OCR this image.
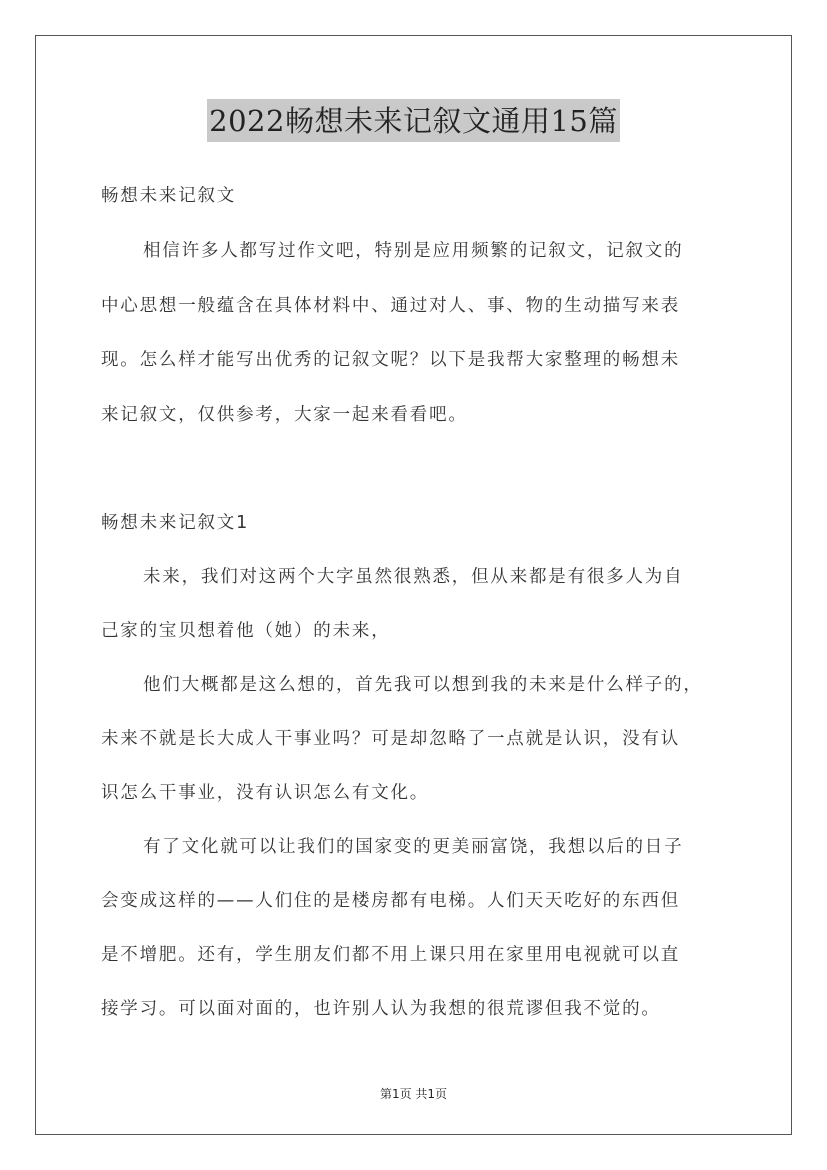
2022畅想未来记叙文通用15篇
畅想未来记叙文
相信许多人都写过作文吧，特别是应用频繁的记叙文，记叙文的
中心思想一般蕴含在具体材料中、通过对人、事、物的生动描写来表
现。怎么样才能写出优秀的记叙文呢？以下是我帮大家整理的畅想未
来记叙文，仅供参考，大家一起来看看吧。
畅想未来记叙文1
未来，我们对这两个大字虽然很熟悉，但从来都是有很多人为自
己家的宝贝想着他（她）的未来，
他们大概都是这么想的，首先我可以想到我的未来是什么样子的，
未来不就是长大成人干事业吗？可是却忽略了一点就是认识，没有认
识怎么干事业，没有认识怎么有文化。
有了文化就可以让我们的国家变的更美丽富饶，我想以后的日子
会变成这样的——人们住的是楼房都有电梯。人们天天吃好的东西但
是不增肥。还有，学生朋友们都不用上课只用在家里用电视就可以直
接学习。可以面对面的，也许别人认为我想的很荒谬但我不觉的。
第1页 共1页
